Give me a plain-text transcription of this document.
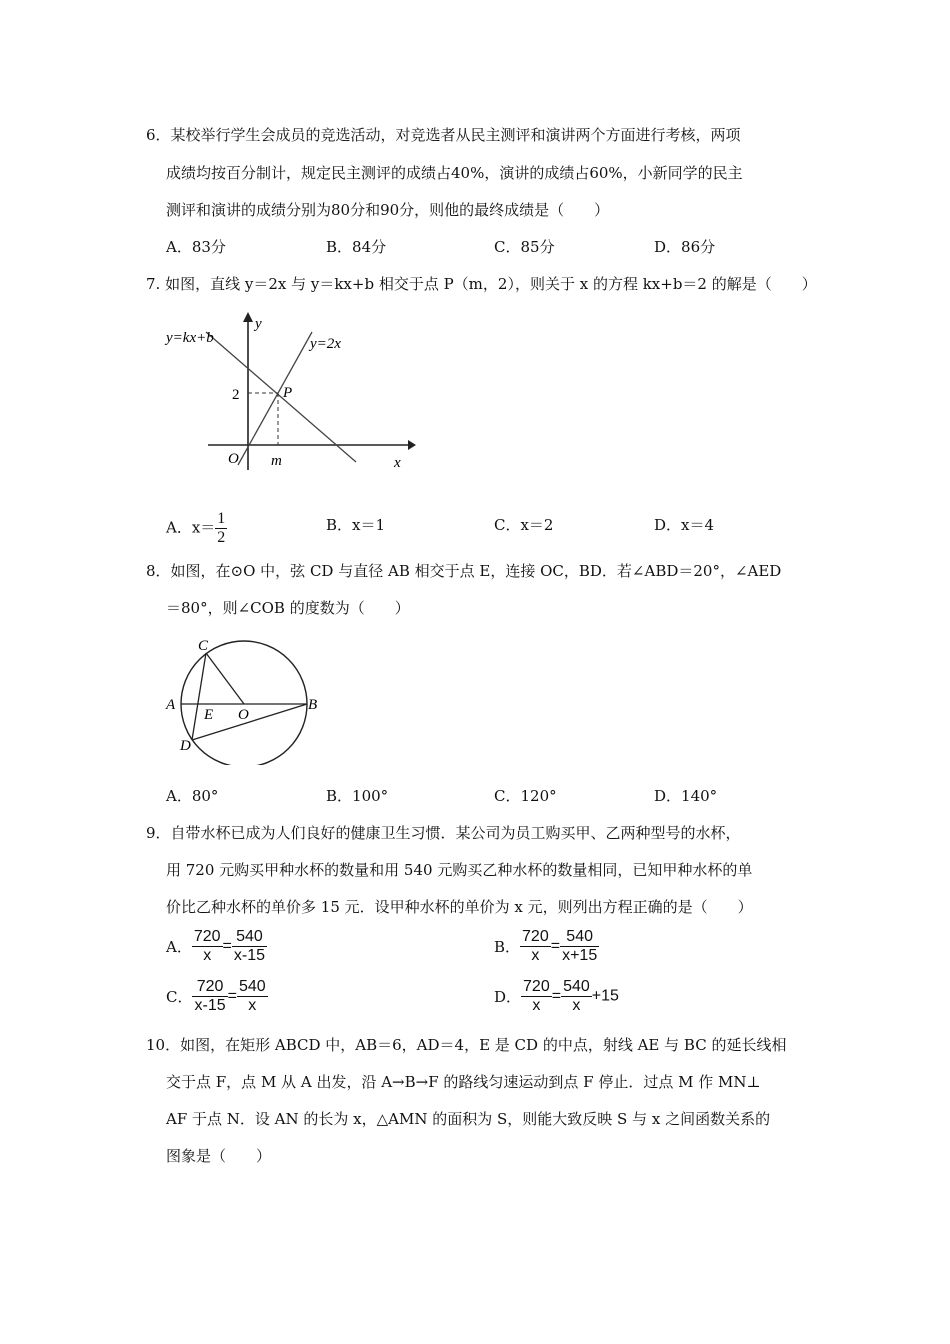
6．某校举行学生会成员的竞选活动，对竞选者从民主测评和演讲两个方面进行考核，两项
成绩均按百分制计，规定民主测评的成绩占40%，演讲的成绩占60%，小新同学的民主
测评和演讲的成绩分别为80分和90分，则他的最终成绩是（　　）
A．83分	B．84分	C．85分	D．86分
7. 如图，直线 y＝2x 与 y＝kx+b 相交于点 P（m，2），则关于 x 的方程 kx+b＝2 的解是（　　）
y=kx+b	y=2x
y
x
O m
2	P
A．$x= \frac{1}{2}$	B．x＝1	C．x＝2	D．x＝4
8．如图，在⊙O 中，弦 CD 与直径 AB 相交于点 E，连接 OC，BD．若∠ABD＝20°，∠AED
＝80°，则∠COB 的度数为（　　）
A	B
C
D
E O
A．80°	B．100°	C．120°	D．140°
9．自带水杯已成为人们良好的健康卫生习惯．某公司为员工购买甲、乙两种型号的水杯，
用 720 元购买甲种水杯的数量和用 540 元购买乙种水杯的数量相同，已知甲种水杯的单
价比乙种水杯的单价多 15 元．设甲种水杯的单价为 x 元，则列出方程正确的是（　　）
A． $\frac{720}{x} = \frac{540}{x-15}$	B． $\frac{720}{x} = \frac{540}{x+15}$
C． $\frac{720}{x-15} = \frac{540}{x}$	D． $\frac{720}{x} = \frac{540}{x} +15$
10．如图，在矩形 ABCD 中，AB＝6，AD＝4，E 是 CD 的中点，射线 AE 与 BC 的延长线相
交于点 F，点 M 从 A 出发，沿 A→B→F 的路线匀速运动到点 F 停止．过点 M 作 MN⊥
AF 于点 N．设 AN 的长为 x，△AMN 的面积为 S，则能大致反映 S 与 x 之间函数关系的
图象是（　　）
